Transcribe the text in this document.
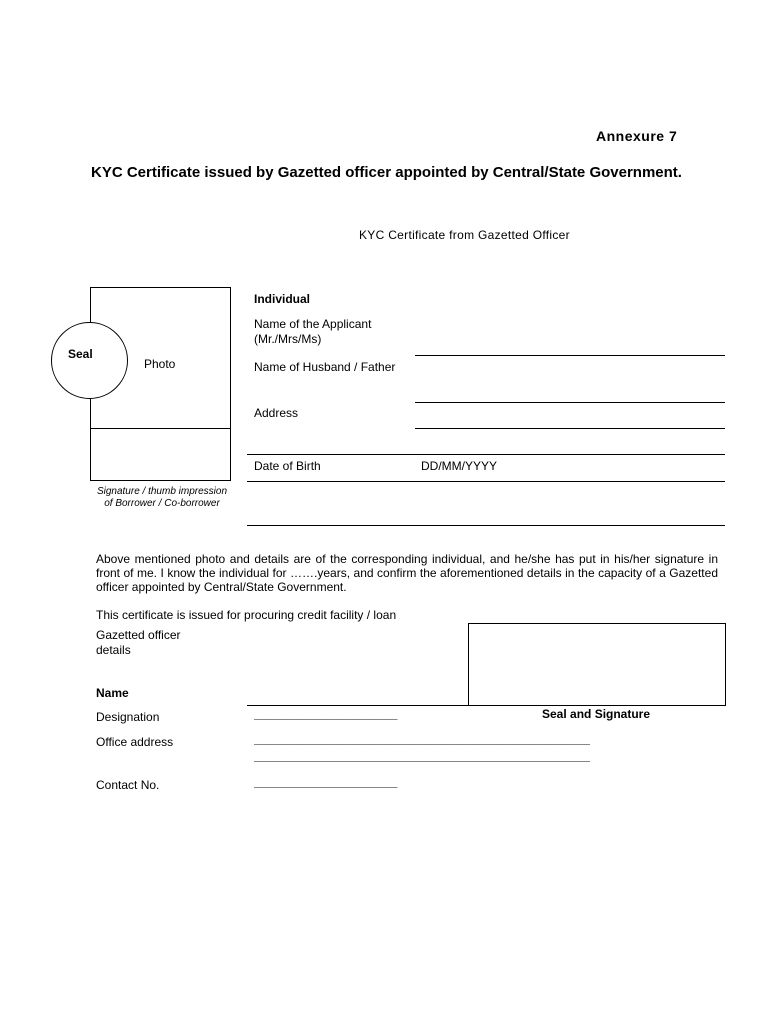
Annexure 7
KYC Certificate issued by Gazetted officer appointed by Central/State Government.
KYC Certificate from Gazetted Officer
Photo
Seal
Signature / thumb impression of Borrower / Co-borrower
Individual
Name of the Applicant
(Mr./Mrs/Ms)
Name of Husband / Father
Address
Date of Birth	DD/MM/YYYY
Above mentioned photo and details are of the corresponding individual, and he/she has put in his/her signature in front of me. I know the individual for …….years, and confirm the aforementioned details in the capacity of a Gazetted officer appointed by Central/State Government.
This certificate is issued for procuring credit facility / loan
Gazetted officer
details
Name
Seal and Signature
Designation	__________________________
Office address	_____________________________________________________________
_____________________________________________________________
Contact No.	__________________________
